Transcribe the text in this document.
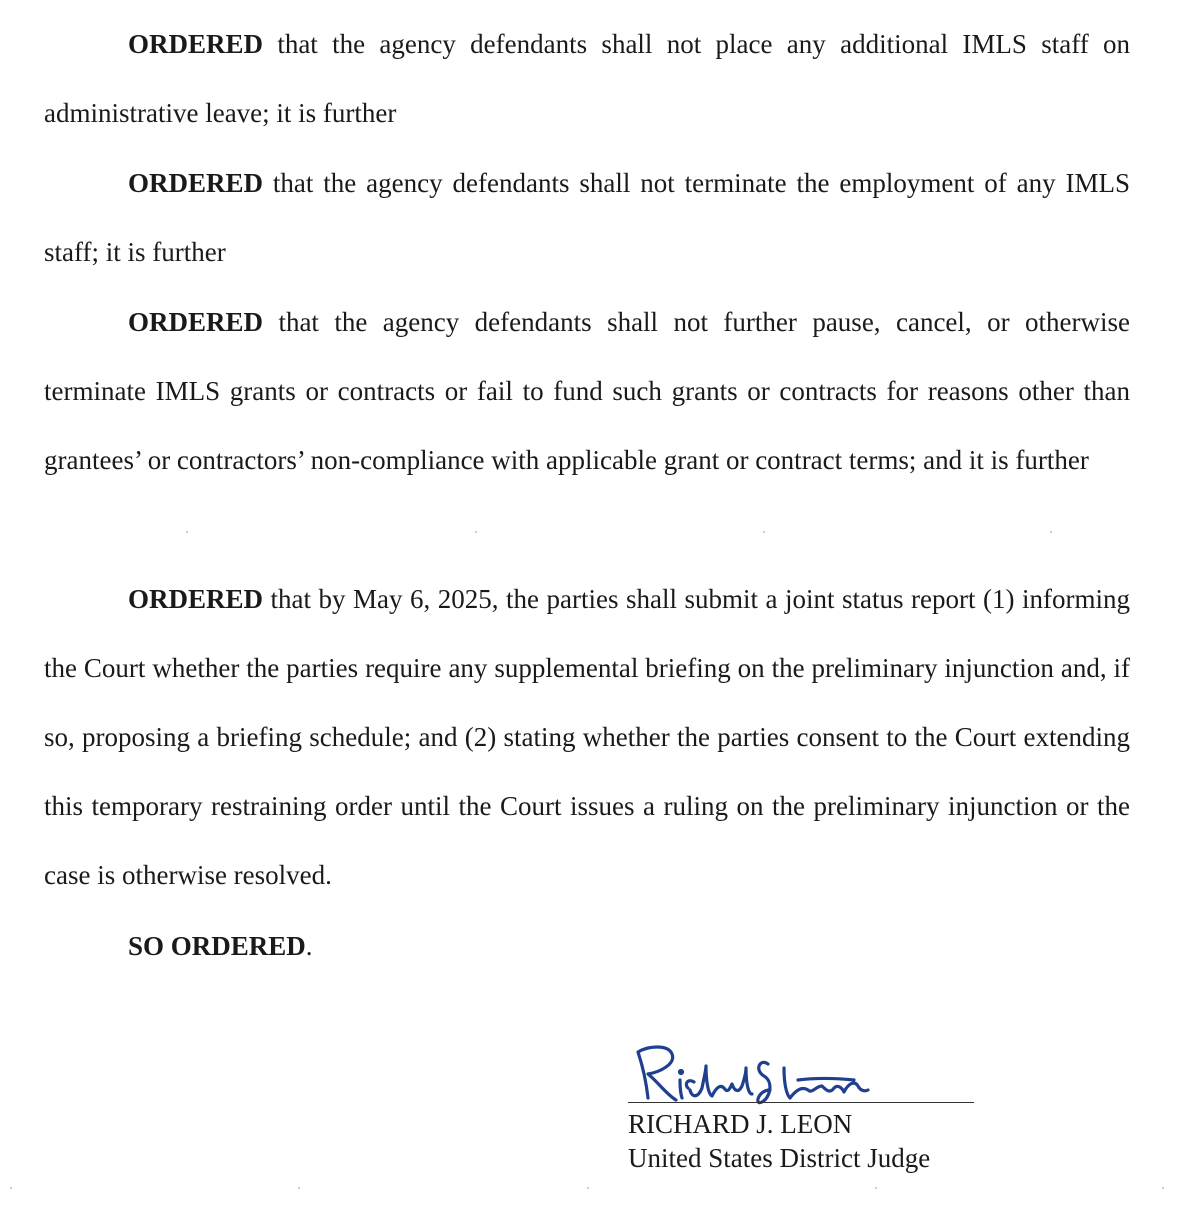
ORDERED that the agency defendants shall not place any additional IMLS staff on administrative leave; it is further

ORDERED that the agency defendants shall not terminate the employment of any IMLS staff; it is further

ORDERED that the agency defendants shall not further pause, cancel, or otherwise terminate IMLS grants or contracts or fail to fund such grants or contracts for reasons other than grantees’ or contractors’ non-compliance with applicable grant or contract terms; and it is further

ORDERED that by May 6, 2025, the parties shall submit a joint status report (1) informing the Court whether the parties require any supplemental briefing on the preliminary injunction and, if so, proposing a briefing schedule; and (2) stating whether the parties consent to the Court extending this temporary restraining order until the Court issues a ruling on the preliminary injunction or the case is otherwise resolved.

SO ORDERED.

RICHARD J. LEON
United States District Judge
